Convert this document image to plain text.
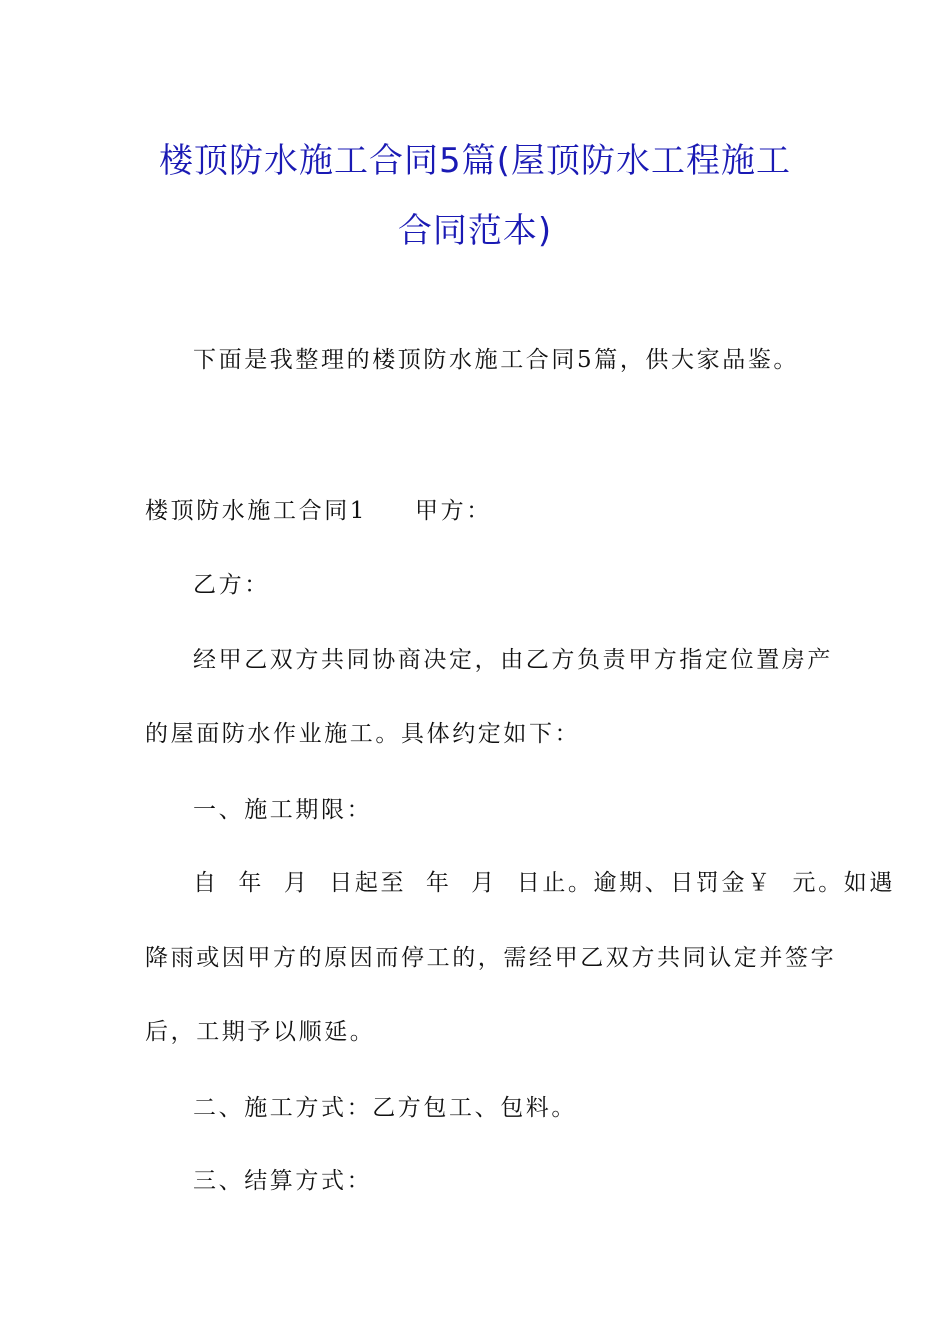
楼顶防水施工合同5篇(屋顶防水工程施工
合同范本)
下面是我整理的楼顶防水施工合同5篇，供大家品鉴。
楼顶防水施工合同1 甲方：
乙方：
经甲乙双方共同协商决定，由乙方负责甲方指定位置房产
的屋面防水作业施工。具体约定如下：
一、施工期限：
自  年  月  日起至  年  月  日止。逾期、日罚金￥  元。如遇
降雨或因甲方的原因而停工的，需经甲乙双方共同认定并签字
后，工期予以顺延。
二、施工方式：乙方包工、包料。
三、结算方式：
